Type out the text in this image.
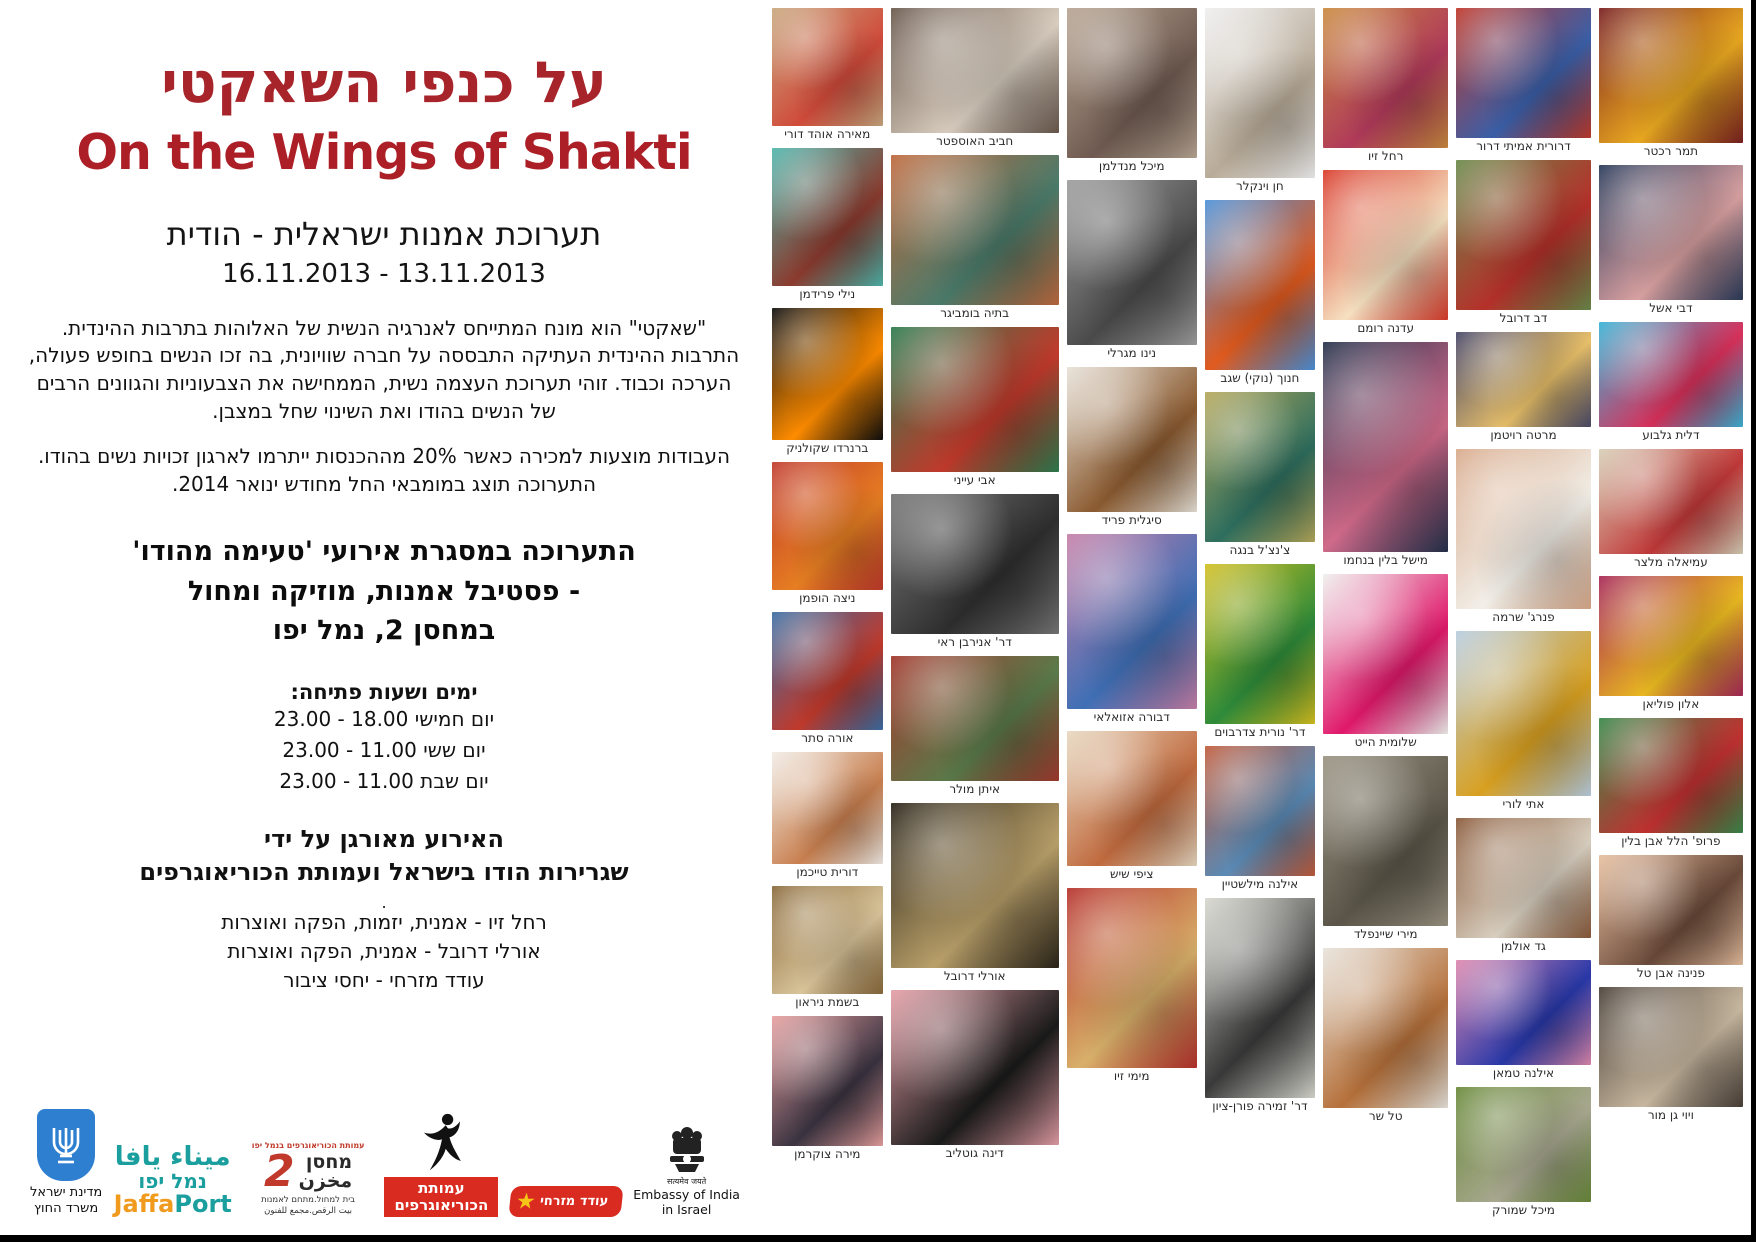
על כנפי השאקטי
On the Wings of Shakti
תערוכת אמנות ישראלית - הודית
13.11.2013 - 16.11.2013
"שאקטי" הוא מונח המתייחס לאנרגיה הנשית של האלוהות בתרבות ההינדית. התרבות ההינדית העתיקה התבססה על חברה שוויונית, בה זכו הנשים בחופש פעולה, הערכה וכבוד. זוהי תערוכת העצמה נשית, הממחישה את הצבעוניות והגוונים הרבים של הנשים בהודו ואת השינוי שחל במצבן.
העבודות מוצעות למכירה כאשר 20% מההכנסות ייתרמו לארגון זכויות נשים בהודו.
התערוכה תוצג במומבאי החל מחודש ינואר 2014.
התערוכה במסגרת אירועי 'טעימה מהודו'
- פסטיבל אמנות, מוזיקה ומחול
במחסן 2, נמל יפו
ימים ושעות פתיחה:
יום חמישי 18.00 - 23.00
יום ששי 11.00 - 23.00
יום שבת 11.00 - 23.00
האירוע מאורגן על ידי
שגרירות הודו בישראל ועמותת הכוריאוגרפים
.
רחל זיו - אמנית, יזמות, הפקה ואוצרות
אורלי דרובל - אמנית, הפקה ואוצרות
עודד מזרחי - יחסי ציבור
מדינת ישראל
משרד החוץ
ميناء يافا
נמל יפו
JaffaPort
עמותת הכוריאוגרפים בנמל יפו
2 מחסן
مخزن
בית למחול.מתחם לאמנות
بيت الرقص.مجمع للفنون
עמותת
הכוריאוגרפים ★ עודד מזרחי
सत्यमेव जयते
Embassy of India
in Israel
מאירה אוהד דורי
נילי פרידמן
ברנרדו שקולניק
ניצה הופמן
אורה סתר
דורית טייכמן
בשמת ניראון
מירה צוקרמן
חביב האוספטר
בתיה בומביגר
אבי עייני
דר' אנירבן ראי
איתן מולר
אורלי דרובל
דינה גוטליב
מיכל מנדלמן
נינו מגרלי
סיגלית פריד
דבורה אזואלאי
ציפי שיש
מימי זיו
חן וינקלר
חנוך (נוקי) שגב
צ'נצ'ל בנגה
דר' נורית צדרבוים
אילנה מילשטיין
דר' זמירה פורן-ציון
רחל זיו
עדנה רומם
מישל בלין בנחמו
שלומית הייט
מירי שיינפלד
טל שר
דרורית אמיתי דרור
דב דרובל
מרטה רויטמן
פנרג' שרמה
אתי לורי
גד אולמן
אילנה טמאן
מיכל שמורק
תמר רכטר
דבי אשל
דלית גלבוע
עמיאלה מלצר
אלון פוליאן
פרופ' הלל אבן בלין
פנינה אבן טל
ויוי גן מור
